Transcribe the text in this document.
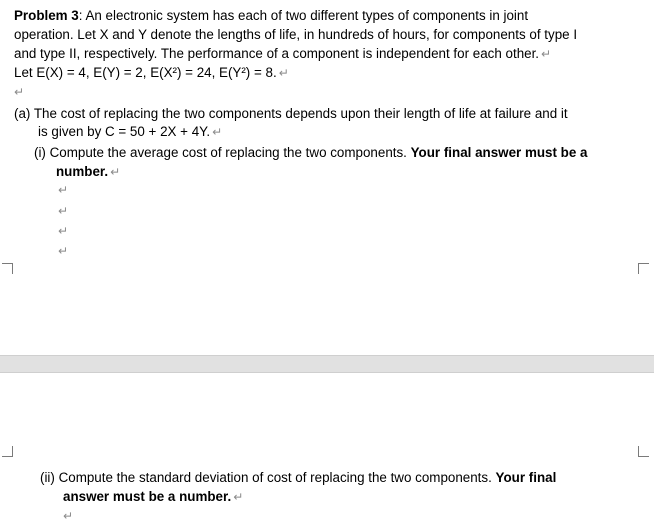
Problem 3: An electronic system has each of two different types of components in joint
operation. Let X and Y denote the lengths of life, in hundreds of hours, for components of type I
and type II, respectively. The performance of a component is independent for each other. ↵
Let E(X) = 4, E(Y) = 2, E(X²) = 24, E(Y²) = 8. ↵
↵
(a) The cost of replacing the two components depends upon their length of life at failure and it
is given by C = 50 + 2X + 4Y. ↵
(i) Compute the average cost of replacing the two components. Your final answer must be a
number. ↵
↵
↵
↵
↵
(ii) Compute the standard deviation of cost of replacing the two components. Your final
answer must be a number. ↵
↵
